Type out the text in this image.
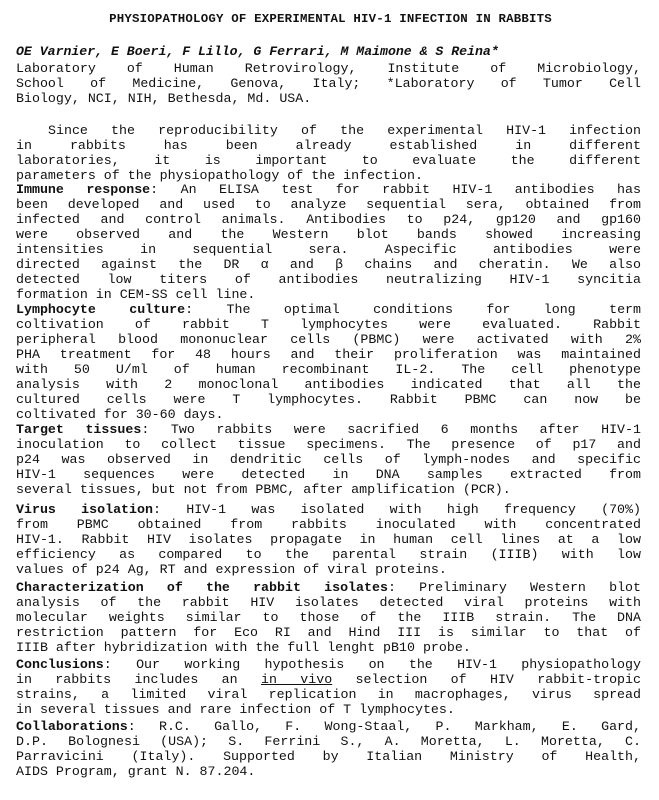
PHYSIOPATHOLOGY OF EXPERIMENTAL HIV-1 INFECTION IN RABBITS
OE Varnier, E Boeri, F Lillo, G Ferrari, M Maimone & S Reina*
Laboratory of Human Retrovirology, Institute of Microbiology,
School of Medicine, Genova, Italy; *Laboratory of Tumor Cell
Biology, NCI, NIH, Bethesda, Md. USA.
Since the reproducibility of the experimental HIV-1 infection
in rabbits has been already established in different
laboratories, it is important to evaluate the different
parameters of the physiopathology of the infection.
Immune response: An ELISA test for rabbit HIV-1 antibodies has
been developed and used to analyze sequential sera, obtained from
infected and control animals. Antibodies to p24, gp120 and gp160
were observed and the Western blot bands showed increasing
intensities in sequential sera. Aspecific antibodies were
directed against the DR α and β chains and cheratin. We also
detected low titers of antibodies neutralizing HIV-1 syncitia
formation in CEM-SS cell line.
Lymphocyte culture: The optimal conditions for long term
coltivation of rabbit T lymphocytes were evaluated. Rabbit
peripheral blood mononuclear cells (PBMC) were activated with 2%
PHA treatment for 48 hours and their proliferation was maintained
with 50 U/ml of human recombinant IL-2. The cell phenotype
analysis with 2 monoclonal antibodies indicated that all the
cultured cells were T lymphocytes. Rabbit PBMC can now be
coltivated for 30-60 days.
Target tissues: Two rabbits were sacrified 6 months after HIV-1
inoculation to collect tissue specimens. The presence of p17 and
p24 was observed in dendritic cells of lymph-nodes and specific
HIV-1 sequences were detected in DNA samples extracted from
several tissues, but not from PBMC, after amplification (PCR).
Virus isolation: HIV-1 was isolated with high frequency (70%)
from PBMC obtained from rabbits inoculated with concentrated
HIV-1. Rabbit HIV isolates propagate in human cell lines at a low
efficiency as compared to the parental strain (IIIB) with low
values of p24 Ag, RT and expression of viral proteins.
Characterization of the rabbit isolates: Preliminary Western blot
analysis of the rabbit HIV isolates detected viral proteins with
molecular weights similar to those of the IIIB strain. The DNA
restriction pattern for Eco RI and Hind III is similar to that of
IIIB after hybridization with the full lenght pB10 probe.
Conclusions: Our working hypothesis on the HIV-1 physiopathology
in rabbits includes an in vivo selection of HIV rabbit-tropic
strains, a limited viral replication in macrophages, virus spread
in several tissues and rare infection of T lymphocytes.
Collaborations: R.C. Gallo, F. Wong-Staal, P. Markham, E. Gard,
D.P. Bolognesi (USA); S. Ferrini S., A. Moretta, L. Moretta, C.
Parravicini (Italy). Supported by Italian Ministry of Health,
AIDS Program, grant N. 87.204.
